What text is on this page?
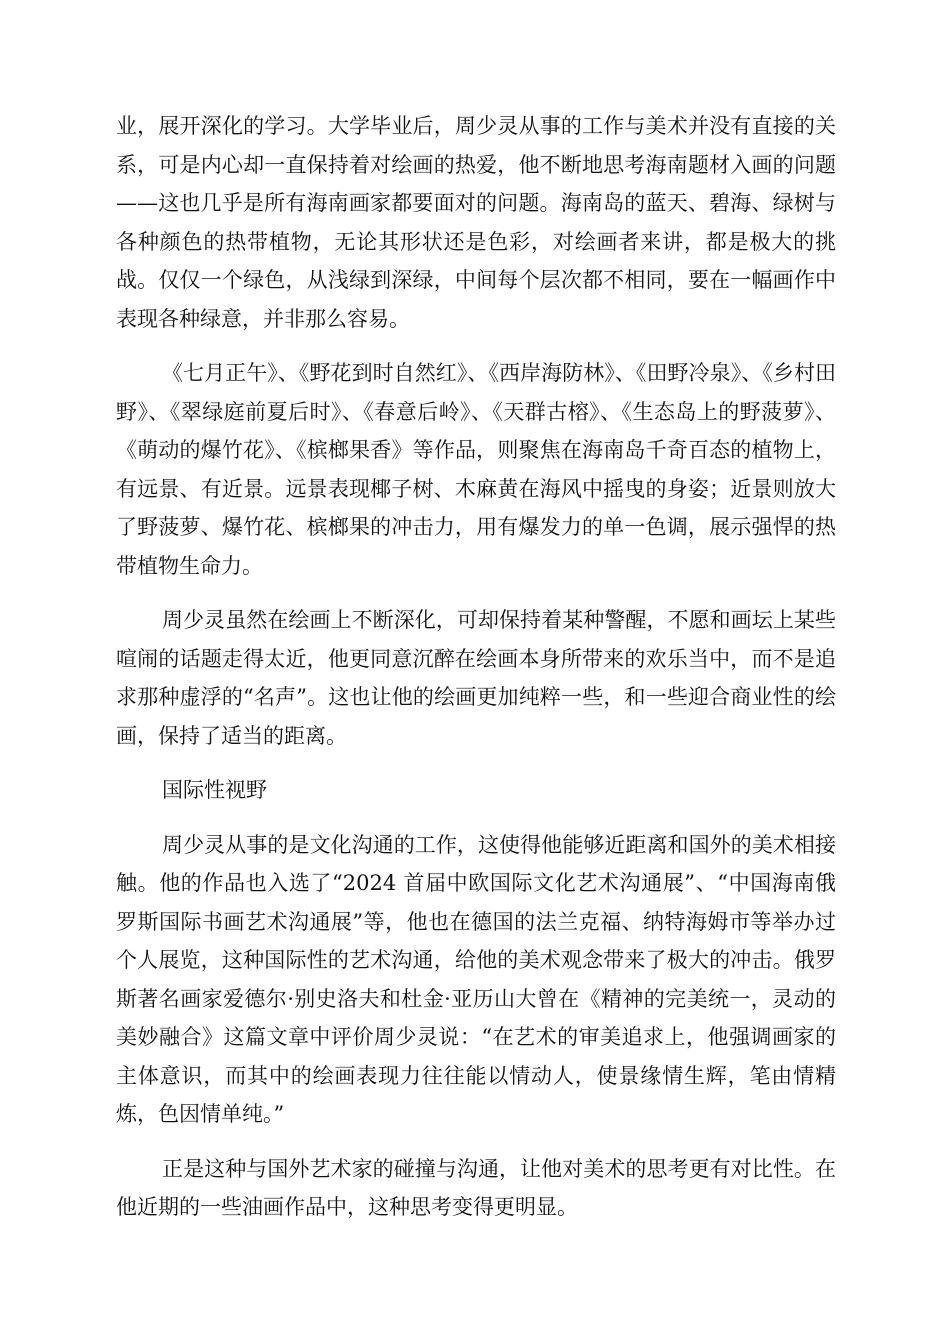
业，展开深化的学习。大学毕业后，周少灵从事的工作与美术并没有直接的关系，可是内心却一直保持着对绘画的热爱，他不断地思考海南题材入画的问题——这也几乎是所有海南画家都要面对的问题。海南岛的蓝天、碧海、绿树与各种颜色的热带植物，无论其形状还是色彩，对绘画者来讲，都是极大的挑战。仅仅一个绿色，从浅绿到深绿，中间每个层次都不相同，要在一幅画作中表现各种绿意，并非那么容易。

《七月正午》、《野花到时自然红》、《西岸海防林》、《田野冷泉》、《乡村田野》、《翠绿庭前夏后时》、《春意后岭》、《天群古榕》、《生态岛上的野菠萝》、《萌动的爆竹花》、《槟榔果香》等作品，则聚焦在海南岛千奇百态的植物上，有远景、有近景。远景表现椰子树、木麻黄在海风中摇曳的身姿；近景则放大了野菠萝、爆竹花、槟榔果的冲击力，用有爆发力的单一色调，展示强悍的热带植物生命力。

周少灵虽然在绘画上不断深化，可却保持着某种警醒，不愿和画坛上某些喧闹的话题走得太近，他更同意沉醉在绘画本身所带来的欢乐当中，而不是追求那种虚浮的“名声”。这也让他的绘画更加纯粹一些，和一些迎合商业性的绘画，保持了适当的距离。

国际性视野

周少灵从事的是文化沟通的工作，这使得他能够近距离和国外的美术相接触。他的作品也入选了“2024 首届中欧国际文化艺术沟通展”、“中国海南俄罗斯国际书画艺术沟通展”等，他也在德国的法兰克福、纳特海姆市等举办过个人展览，这种国际性的艺术沟通，给他的美术观念带来了极大的冲击。俄罗斯著名画家爱德尔·别史洛夫和杜金·亚历山大曾在《精神的完美统一，灵动的美妙融合》这篇文章中评价周少灵说：“在艺术的审美追求上，他强调画家的主体意识，而其中的绘画表现力往往能以情动人，使景缘情生辉，笔由情精炼，色因情单纯。”

正是这种与国外艺术家的碰撞与沟通，让他对美术的思考更有对比性。在他近期的一些油画作品中，这种思考变得更明显。
